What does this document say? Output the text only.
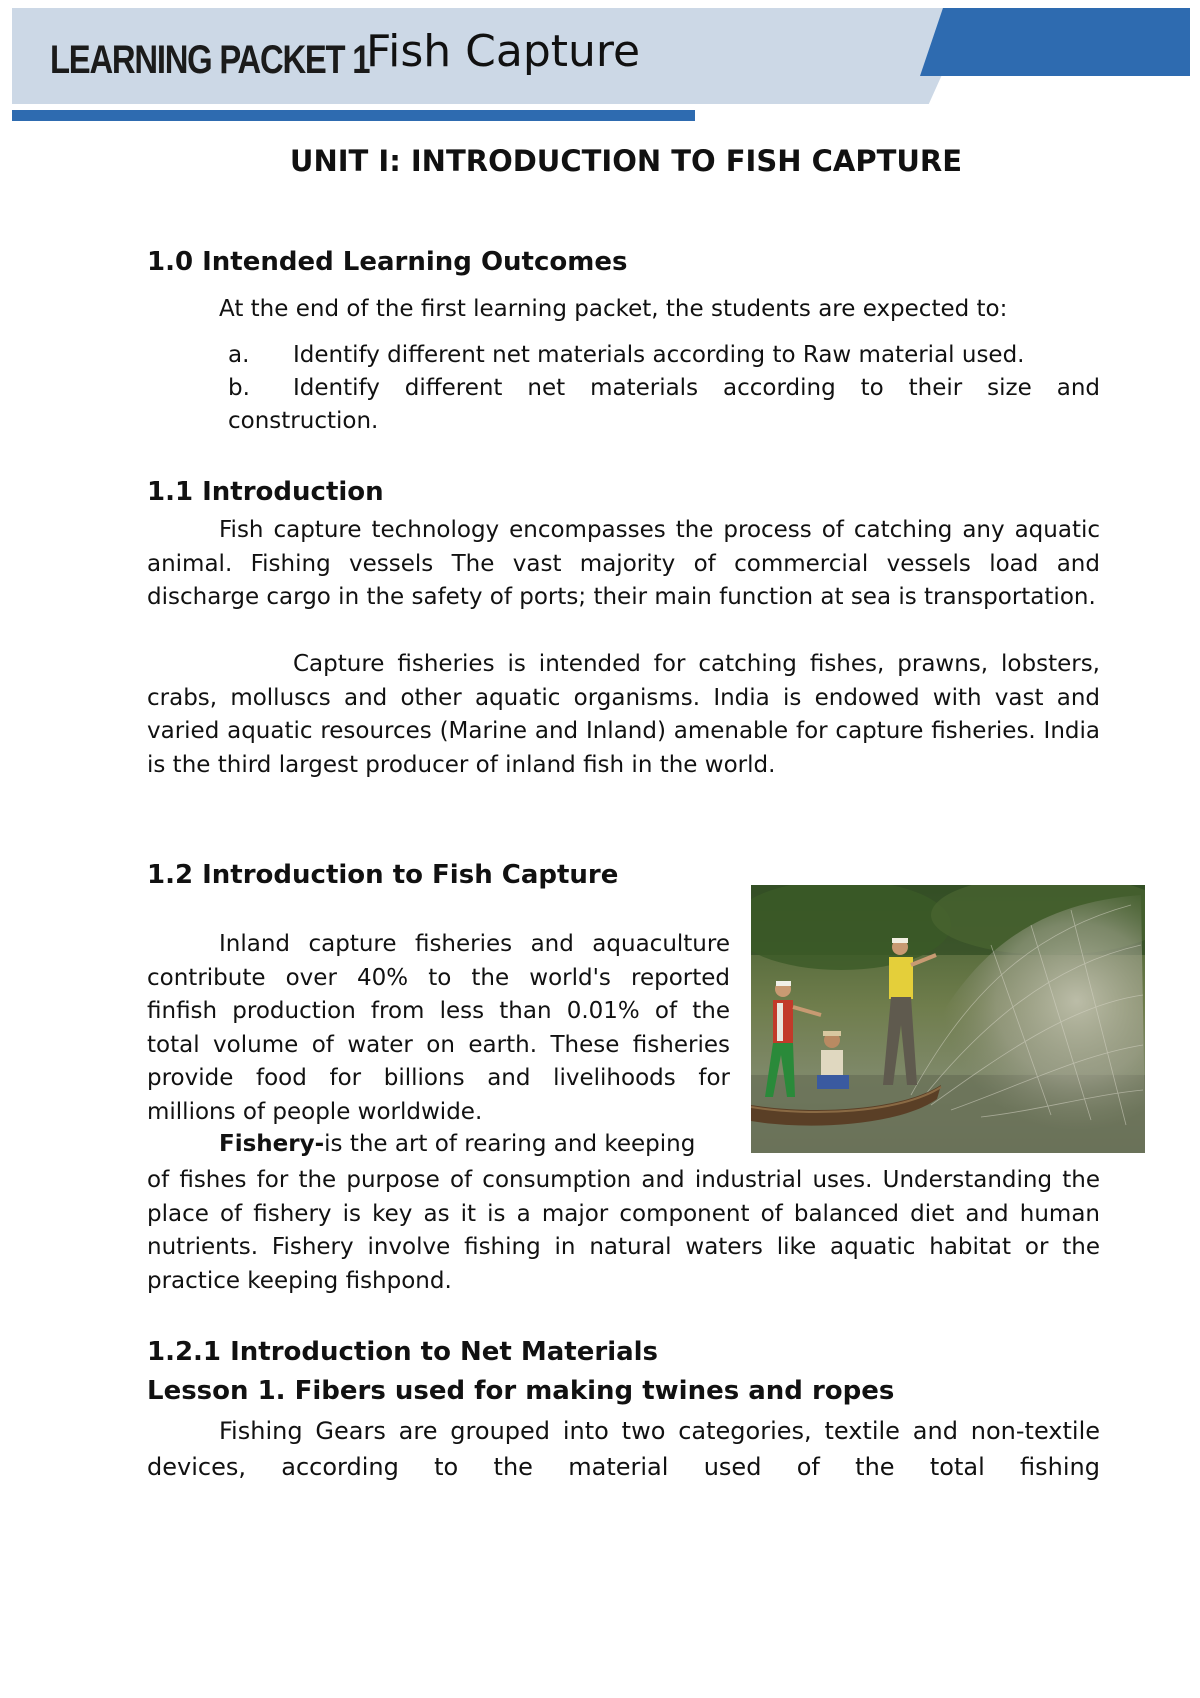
LEARNING PACKET 1
Fish Capture
UNIT I: INTRODUCTION TO FISH CAPTURE
1.0 Intended Learning Outcomes
At the end of the first learning packet, the students are expected to:
a. Identify different net materials according to Raw material used.
b. Identify different net materials according to their size and
construction.
1.1 Introduction
Fish capture technology encompasses the process of catching any aquatic animal. Fishing vessels The vast majority of commercial vessels load and discharge cargo in the safety of ports; their main function at sea is transportation.
Capture fisheries is intended for catching fishes, prawns, lobsters, crabs, molluscs and other aquatic organisms. India is endowed with vast and varied aquatic resources (Marine and Inland) amenable for capture fisheries. India is the third largest producer of inland fish in the world.
1.2 Introduction to Fish Capture
Inland capture fisheries and aquaculture contribute over 40% to the world's reported finfish production from less than 0.01% of the total volume of water on earth. These fisheries provide food for billions and livelihoods for millions of people worldwide.
Fishery-is the art of rearing and keeping
of fishes for the purpose of consumption and industrial uses. Understanding the place of fishery is key as it is a major component of balanced diet and human nutrients. Fishery involve fishing in natural waters like aquatic habitat or the practice keeping fishpond.
1.2.1 Introduction to Net Materials
Lesson 1. Fibers used for making twines and ropes
Fishing Gears are grouped into two categories, textile and non-textile devices, according to the material used of the total fishing
